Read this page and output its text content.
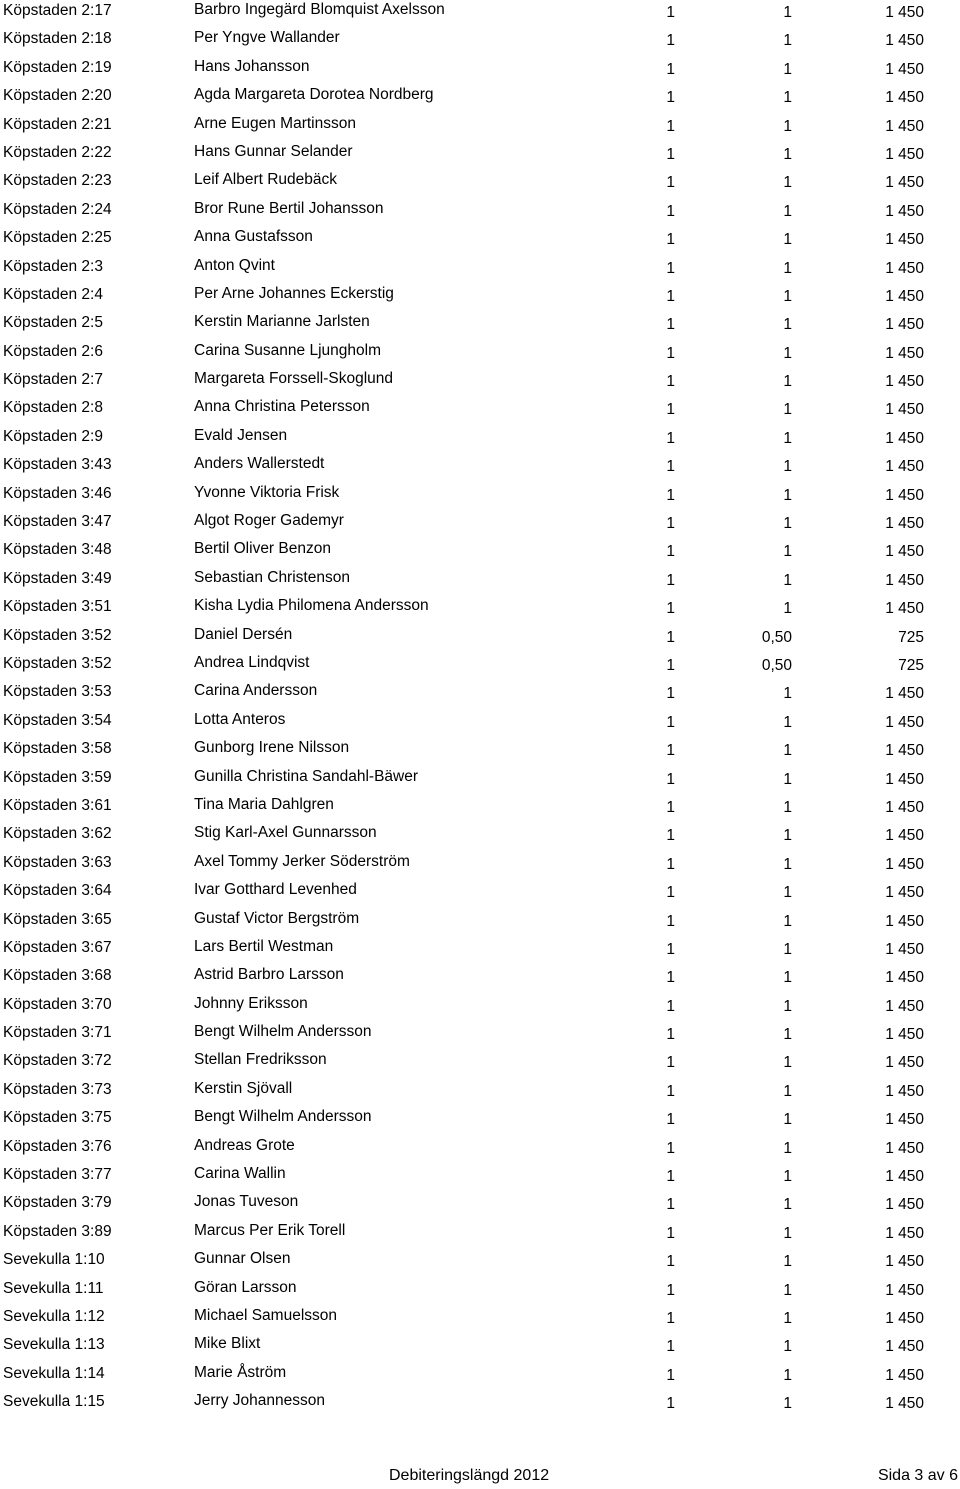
Köpstaden 2:17	Barbro Ingegärd Blomquist Axelsson	1	1	1 450
Köpstaden 2:18	Per Yngve Wallander	1	1	1 450
Köpstaden 2:19	Hans Johansson	1	1	1 450
Köpstaden 2:20	Agda Margareta Dorotea Nordberg	1	1	1 450
Köpstaden 2:21	Arne Eugen Martinsson	1	1	1 450
Köpstaden 2:22	Hans Gunnar Selander	1	1	1 450
Köpstaden 2:23	Leif Albert Rudebäck	1	1	1 450
Köpstaden 2:24	Bror Rune Bertil Johansson	1	1	1 450
Köpstaden 2:25	Anna Gustafsson	1	1	1 450
Köpstaden 2:3	Anton Qvint	1	1	1 450
Köpstaden 2:4	Per Arne Johannes Eckerstig	1	1	1 450
Köpstaden 2:5	Kerstin Marianne Jarlsten	1	1	1 450
Köpstaden 2:6	Carina Susanne Ljungholm	1	1	1 450
Köpstaden 2:7	Margareta Forssell-Skoglund	1	1	1 450
Köpstaden 2:8	Anna Christina Petersson	1	1	1 450
Köpstaden 2:9	Evald Jensen	1	1	1 450
Köpstaden 3:43	Anders Wallerstedt	1	1	1 450
Köpstaden 3:46	Yvonne Viktoria Frisk	1	1	1 450
Köpstaden 3:47	Algot Roger Gademyr	1	1	1 450
Köpstaden 3:48	Bertil Oliver Benzon	1	1	1 450
Köpstaden 3:49	Sebastian Christenson	1	1	1 450
Köpstaden 3:51	Kisha Lydia Philomena Andersson	1	1	1 450
Köpstaden 3:52	Daniel Dersén	1	0,50	725
Köpstaden 3:52	Andrea Lindqvist	1	0,50	725
Köpstaden 3:53	Carina Andersson	1	1	1 450
Köpstaden 3:54	Lotta Anteros	1	1	1 450
Köpstaden 3:58	Gunborg Irene Nilsson	1	1	1 450
Köpstaden 3:59	Gunilla Christina Sandahl-Bäwer	1	1	1 450
Köpstaden 3:61	Tina Maria Dahlgren	1	1	1 450
Köpstaden 3:62	Stig Karl-Axel Gunnarsson	1	1	1 450
Köpstaden 3:63	Axel Tommy Jerker Söderström	1	1	1 450
Köpstaden 3:64	Ivar Gotthard Levenhed	1	1	1 450
Köpstaden 3:65	Gustaf Victor Bergström	1	1	1 450
Köpstaden 3:67	Lars Bertil Westman	1	1	1 450
Köpstaden 3:68	Astrid Barbro Larsson	1	1	1 450
Köpstaden 3:70	Johnny Eriksson	1	1	1 450
Köpstaden 3:71	Bengt Wilhelm Andersson	1	1	1 450
Köpstaden 3:72	Stellan Fredriksson	1	1	1 450
Köpstaden 3:73	Kerstin Sjövall	1	1	1 450
Köpstaden 3:75	Bengt Wilhelm Andersson	1	1	1 450
Köpstaden 3:76	Andreas Grote	1	1	1 450
Köpstaden 3:77	Carina Wallin	1	1	1 450
Köpstaden 3:79	Jonas Tuveson	1	1	1 450
Köpstaden 3:89	Marcus Per Erik Torell	1	1	1 450
Sevekulla 1:10	Gunnar Olsen	1	1	1 450
Sevekulla 1:11	Göran Larsson	1	1	1 450
Sevekulla 1:12	Michael Samuelsson	1	1	1 450
Sevekulla 1:13	Mike Blixt	1	1	1 450
Sevekulla 1:14	Marie Åström	1	1	1 450
Sevekulla 1:15	Jerry Johannesson	1	1	1 450
Debiteringslängd 2012	Sida 3 av 6
